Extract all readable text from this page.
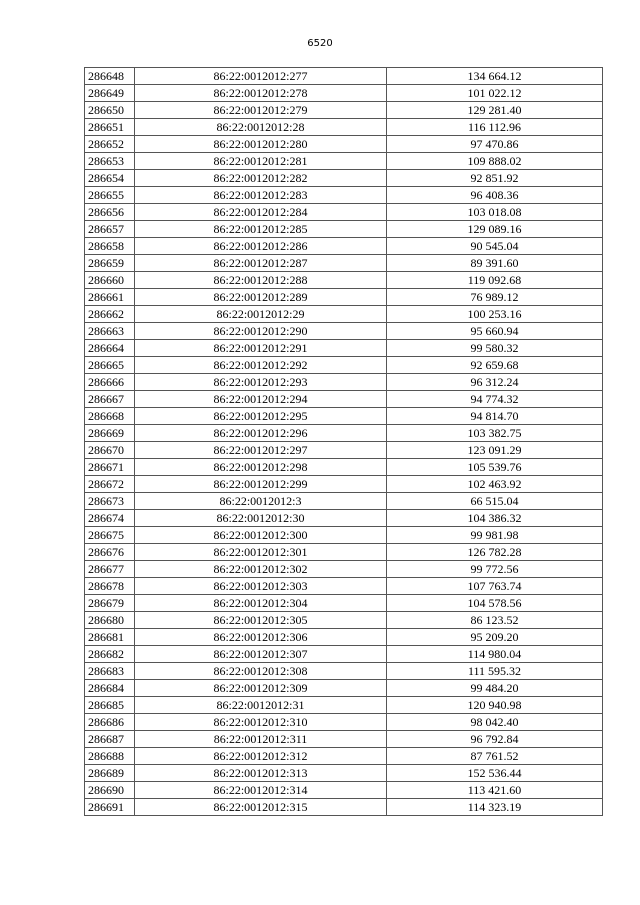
6520
286648	86:22:0012012:277	134 664.12
286649	86:22:0012012:278	101 022.12
286650	86:22:0012012:279	129 281.40
286651	86:22:0012012:28	116 112.96
286652	86:22:0012012:280	97 470.86
286653	86:22:0012012:281	109 888.02
286654	86:22:0012012:282	92 851.92
286655	86:22:0012012:283	96 408.36
286656	86:22:0012012:284	103 018.08
286657	86:22:0012012:285	129 089.16
286658	86:22:0012012:286	90 545.04
286659	86:22:0012012:287	89 391.60
286660	86:22:0012012:288	119 092.68
286661	86:22:0012012:289	76 989.12
286662	86:22:0012012:29	100 253.16
286663	86:22:0012012:290	95 660.94
286664	86:22:0012012:291	99 580.32
286665	86:22:0012012:292	92 659.68
286666	86:22:0012012:293	96 312.24
286667	86:22:0012012:294	94 774.32
286668	86:22:0012012:295	94 814.70
286669	86:22:0012012:296	103 382.75
286670	86:22:0012012:297	123 091.29
286671	86:22:0012012:298	105 539.76
286672	86:22:0012012:299	102 463.92
286673	86:22:0012012:3	66 515.04
286674	86:22:0012012:30	104 386.32
286675	86:22:0012012:300	99 981.98
286676	86:22:0012012:301	126 782.28
286677	86:22:0012012:302	99 772.56
286678	86:22:0012012:303	107 763.74
286679	86:22:0012012:304	104 578.56
286680	86:22:0012012:305	86 123.52
286681	86:22:0012012:306	95 209.20
286682	86:22:0012012:307	114 980.04
286683	86:22:0012012:308	111 595.32
286684	86:22:0012012:309	99 484.20
286685	86:22:0012012:31	120 940.98
286686	86:22:0012012:310	98 042.40
286687	86:22:0012012:311	96 792.84
286688	86:22:0012012:312	87 761.52
286689	86:22:0012012:313	152 536.44
286690	86:22:0012012:314	113 421.60
286691	86:22:0012012:315	114 323.19
